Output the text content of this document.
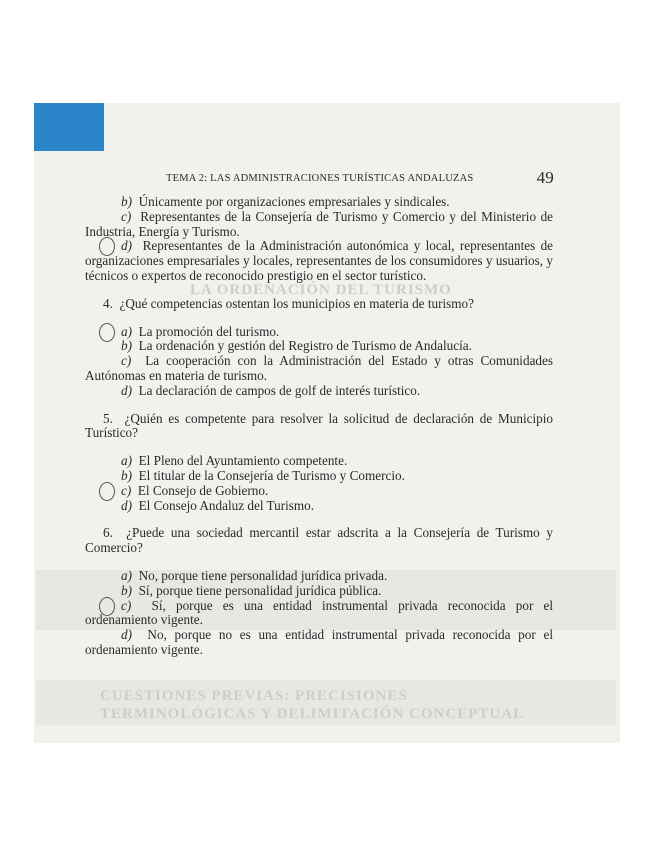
LA ORDENACIÓN DEL TURISMO
CUESTIONES PREVIAS: PRECISIONES
TERMINOLÓGICAS Y DELIMITACIÓN CONCEPTUAL
TEMA 2: LAS ADMINISTRACIONES TURÍSTICAS ANDALUZAS	49

b) Únicamente por organizaciones empresariales y sindicales.

c) Representantes de la Consejería de Turismo y Comercio y del Ministerio de Industria, Energía y Turismo.

d) Representantes de la Administración autonómica y local, representantes de organizaciones empresariales y locales, representantes de los consumidores y usuarios, y técnicos o expertos de reconocido prestigio en el sector turístico.

4. ¿Qué competencias ostentan los municipios en materia de turismo?

a) La promoción del turismo.

b) La ordenación y gestión del Registro de Turismo de Andalucía.

c) La cooperación con la Administración del Estado y otras Comunidades Autónomas en materia de turismo.

d) La declaración de campos de golf de interés turístico.

5. ¿Quién es competente para resolver la solicitud de declaración de Municipio Turístico?

a) El Pleno del Ayuntamiento competente.

b) El titular de la Consejería de Turismo y Comercio.

c) El Consejo de Gobierno.

d) El Consejo Andaluz del Turismo.

6. ¿Puede una sociedad mercantil estar adscrita a la Consejería de Turismo y Comercio?

a) No, porque tiene personalidad jurídica privada.

b) Sí, porque tiene personalidad jurídica pública.

c) Sí, porque es una entidad instrumental privada reconocida por el ordenamiento vigente.

d) No, porque no es una entidad instrumental privada reconocida por el ordenamiento vigente.
